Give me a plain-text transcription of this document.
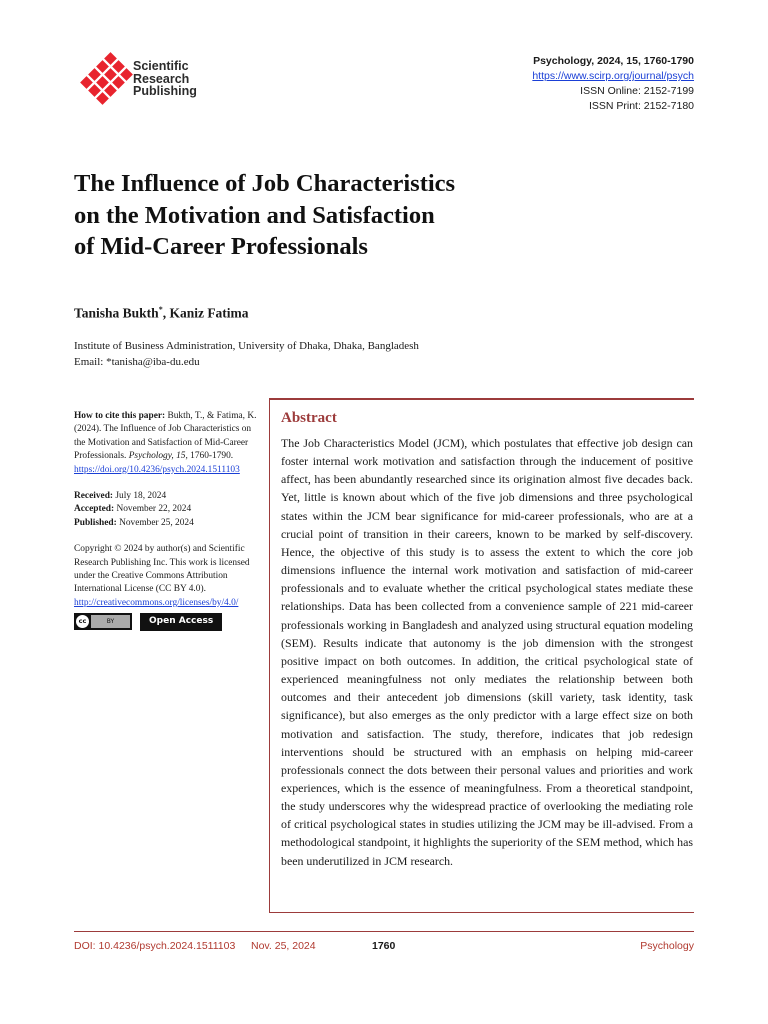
Scientific
Research
Publishing
Psychology, 2024, 15, 1760-1790
https://www.scirp.org/journal/psych
ISSN Online: 2152-7199
ISSN Print: 2152-7180
The Influence of Job Characteristics
on the Motivation and Satisfaction
of Mid-Career Professionals
Tanisha Bukth*, Kaniz Fatima
Institute of Business Administration, University of Dhaka, Dhaka, Bangladesh
Email: *tanisha@iba-du.edu

How to cite this paper: Bukth, T., & Fatima, K. (2024). The Influence of Job Characteristics on the Motivation and Satisfaction of Mid-Career Professionals. Psychology, 15, 1760-1790. https://doi.org/10.4236/psych.2024.1511103

Received: July 18, 2024

Accepted: November 22, 2024

Published: November 25, 2024

Copyright © 2024 by author(s) and Scientific Research Publishing Inc. This work is licensed under the Creative Commons Attribution International License (CC BY 4.0).

http://creativecommons.org/licenses/by/4.0/

cc	BY	Open Access
Abstract

The Job Characteristics Model (JCM), which postulates that effective job design can foster internal work motivation and satisfaction through the inducement of positive affect, has been abundantly researched since its origination almost five decades back. Yet, little is known about which of the five job dimensions and three psychological states within the JCM bear significance for mid-career professionals, who are at a crucial point of transition in their careers, known to be marked by self-discovery. Hence, the objective of this study is to assess the extent to which the core job dimensions influence the internal work motivation and satisfaction of mid-career professionals and to evaluate whether the critical psychological states mediate these relationships. Data has been collected from a convenience sample of 221 mid-career professionals working in Bangladesh and analyzed using structural equation modeling (SEM). Results indicate that autonomy is the job dimension with the strongest positive impact on both outcomes. In addition, the critical psychological state of experienced meaningfulness not only mediates the relationship between both outcomes and their antecedent job dimensions (skill variety, task identity, task significance), but also emerges as the only predictor with a large effect size on both motivation and satisfaction. The study, therefore, indicates that job redesign interventions should be structured with an emphasis on helping mid-career professionals connect the dots between their personal values and priorities and work experiences, which is the essence of meaningfulness. From a theoretical standpoint, the study underscores why the widespread practice of overlooking the mediating role of critical psychological states in studies utilizing the JCM may be ill-advised. From a methodological standpoint, it highlights the superiority of the SEM method, which has been underutilized in JCM research.

DOI: 10.4236/psych.2024.1511103 Nov. 25, 2024	1760	Psychology
